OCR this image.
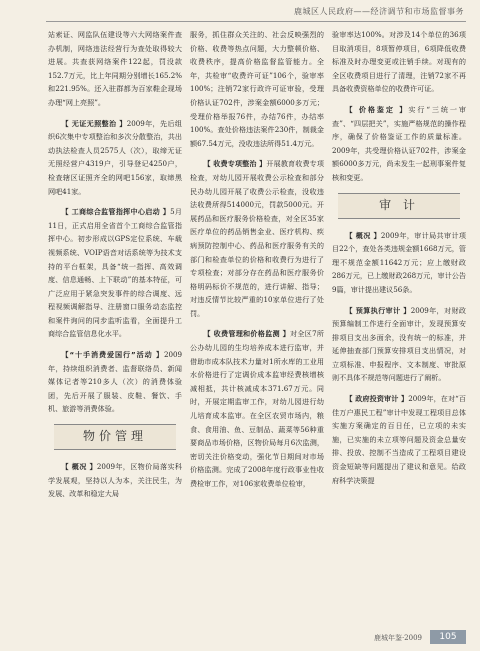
鹿城区人民政府——经济调节和市场监督事务

站索证、网监队伍建设等六大网络案件查办机制，网络违法经营行为查处取得较大进展。共查获网络案件122起，罚没款152.7万元，比上年同期分别增长165.2%和221.95%。还入驻群都为百家鞋企现场办理“网上亮照”。

【 无证无照整治 】2009年，先后组织6次集中专项整治和多次分散整治，共出动执法检查人员2575人（次），取缔无证无照经营户4319户，引导登记4250户，检查辖区证照齐全的网吧156家，取缔黑网吧41家。

【 工商综合监管指挥中心启动 】5月11日，正式启用全省首个工商综合监管指挥中心。初步形成以GPS定位系统、车载视频系统、VOIP语音对话系统等为技术支持的平台框架，具备“统一指挥、高效调度、信息通畅、上下联动”的基本特征，可广泛应用于紧急突发事件的综合调度、远程视频调解指导、注册窗口服务动态监控和案件询问的同步监听监看，全面提升工商综合监管信息化水平。

【“十手消费爱国行”活动 】2009年，持续组织消费者、监督联络员、新闻媒体记者等210多人（次）的消费体验团，先后开展了服装、皮鞋、餐饮、手机、旅游等消费体验。

物价管理

【 概况 】2009年，区物价局落实科学发展观，坚持以人为本，关注民生，为发展、改革和稳定大局

服务，抓住群众关注的、社会反映强烈的价格、收费等热点问题，大力整顿价格、收费秩序，提高价格监督监管能力。全年，共检审“收费许可证”106个，验审率100%；注销72家行政许可证审验，受理价格认证702件，涉案金额6000多万元；受理价格举报76件，办结76件，办结率100%。查处价格违法案件230件，制裁金额67.54万元，没收违法所得51.4万元。

【 收费专项整治 】开展教育收费专项检查，对幼儿园开展收费公示检查和部分民办幼儿园开展了收费公示检查，没收违法收费所得514000元，罚款5000元。开展药品和医疗服务价格检查，对全区35家医疗单位的药品销售金业、医疗机构、疾病预防控制中心、药品和医疗服务有关的部门和检查单位的价格和收费行为进行了专项检查；对部分存在药品和医疗服务价格明码标价不规范的，进行讲解、指导；对违反情节比较严重的10家单位进行了处罚。

【 收费管理和价格监测 】对全区7所公办幼儿园的生均培养成本进行监审，并借助市成本队技术力量对1所水库的工业用水价格进行了定调价成本监审经费核增核减相抵，共计核减成本371.67万元。同时，开展定期监审工作，对幼儿园进行幼儿培育成本监审。在全区农贸市场内，粮食、食用油、鱼、豆制品、蔬菜等56种重要商品市场价格，区物价局每月6次监测，密切关注价格变动，强化节日期间对市场价格监测。完成了2008年度行政事业性收费检审工作，对106家收费单位检审，

验审率达100%。对涉及14个单位的36项目取消项目，8项暂停项目，6项降低收费标准及时办理变更或注销手续。对现有的全区收费项目进行了清理，注销72家不再具备收费资格单位的收费许可证。

【 价格鉴定 】实行“三统一审查”、“四层把关”，实施严格规范的操作程序，确保了价格鉴证工作的质量标准。2009年，共受理价格认证702件，涉案金额6000多万元，尚未发生一起刑事案件复核和变更。

审 计

【 概况 】2009年，审计局共审计项目22个，查处各类违规金额1668万元，管理不规范金额11642万元；应上缴财政286万元，已上缴财政268万元，审计公告9篇，审计提出建议56条。

【 预算执行审计 】2009年，对财政预算编制工作进行全面审计，发现预算安排项目支出多面余，没有统一的标准，并延伸抽查部门预算安排项目支出情况，对立项标准、申报程序、文本制度、审批原则不具体不规范等问题进行了阐析。

【 政府投资审计 】2009年，在对“百佳万户惠民工程”审计中发现工程项目总体实施方案确定的百日任，已立项的未实施，已实施的未立项等问题及资金总量安排、投放、控制不当造成了工程项目建设资金短缺等问题提出了建议和意见。给政府科学决策提

鹿城年鉴·2009	105
